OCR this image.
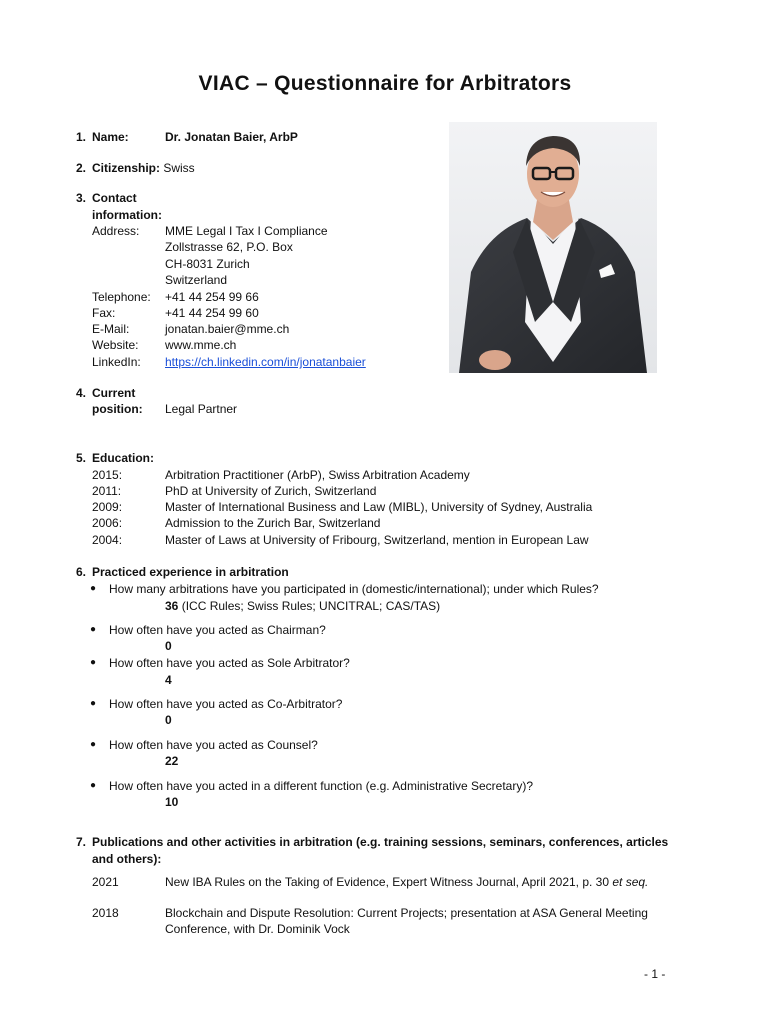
VIAC – Questionnaire for Arbitrators
1. Name:	Dr. Jonatan Baier, ArbP
2. Citizenship: Swiss
3. Contact
information:
Address: MME Legal I Tax I Compliance
Zollstrasse 62, P.O. Box
CH-8031 Zurich
Switzerland
Telephone: +41 44 254 99 66
Fax:	+41 44 254 99 60
E-Mail:	jonatan.baier@mme.ch
Website: www.mme.ch
LinkedIn: https://ch.linkedin.com/in/jonatanbaier
4. Current
position: Legal Partner
5. Education:
2015:	Arbitration Practitioner (ArbP), Swiss Arbitration Academy
2011:	PhD at University of Zurich, Switzerland
2009:	Master of International Business and Law (MIBL), University of Sydney, Australia
2006:	Admission to the Zurich Bar, Switzerland
2004:	Master of Laws at University of Fribourg, Switzerland, mention in European Law
6. Practiced experience in arbitration
● How many arbitrations have you participated in (domestic/international); under which Rules?
36 (ICC Rules; Swiss Rules; UNCITRAL; CAS/TAS)
● How often have you acted as Chairman?
0
● How often have you acted as Sole Arbitrator?
4
● How often have you acted as Co-Arbitrator?
0
● How often have you acted as Counsel?
22
● How often have you acted in a different function (e.g. Administrative Secretary)?
10
7. Publications and other activities in arbitration (e.g. training sessions, seminars, conferences, articles
and others):
2021	New IBA Rules on the Taking of Evidence, Expert Witness Journal, April 2021, p. 30 et seq.
2018	Blockchain and Dispute Resolution: Current Projects; presentation at ASA General Meeting
Conference, with Dr. Dominik Vock
- 1 -
